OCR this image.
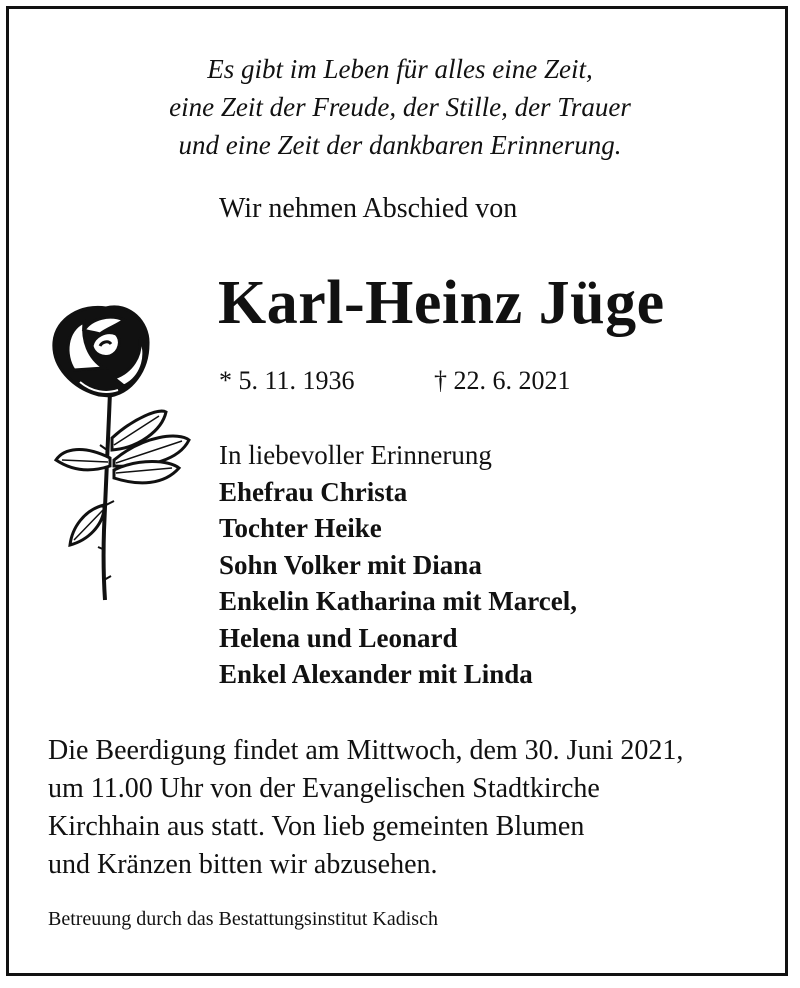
Es gibt im Leben für alles eine Zeit,
eine Zeit der Freude, der Stille, der Trauer
und eine Zeit der dankbaren Erinnerung.
Wir nehmen Abschied von
Karl-Heinz Jüge
* 5. 11. 1936	† 22. 6. 2021
In liebevoller Erinnerung
Ehefrau Christa
Tochter Heike
Sohn Volker mit Diana
Enkelin Katharina mit Marcel,
Helena und Leonard
Enkel Alexander mit Linda
Die Beerdigung findet am Mittwoch, dem 30. Juni 2021,
um 11.00 Uhr von der Evangelischen Stadtkirche
Kirchhain aus statt. Von lieb gemeinten Blumen
und Kränzen bitten wir abzusehen.
Betreuung durch das Bestattungsinstitut Kadisch
